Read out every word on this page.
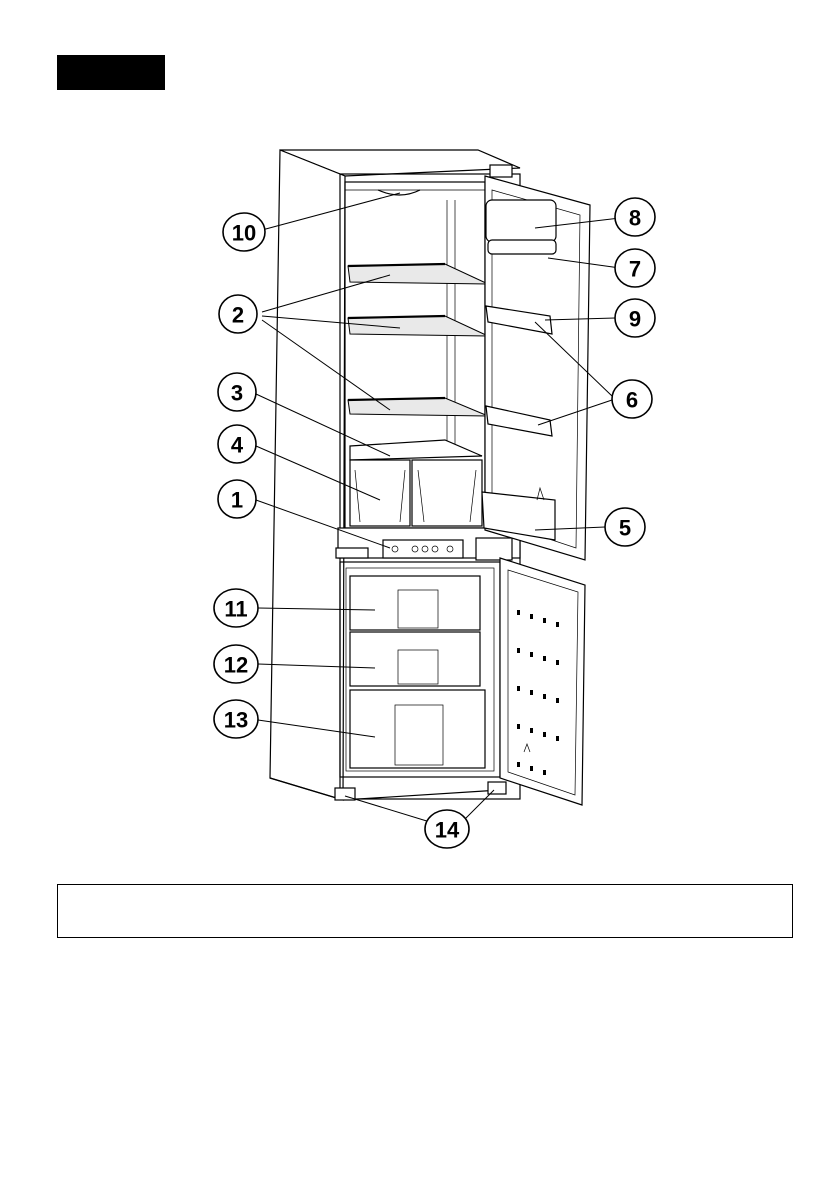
10
2
3
4
1
8
7
9
6
5
11
12
13
14
